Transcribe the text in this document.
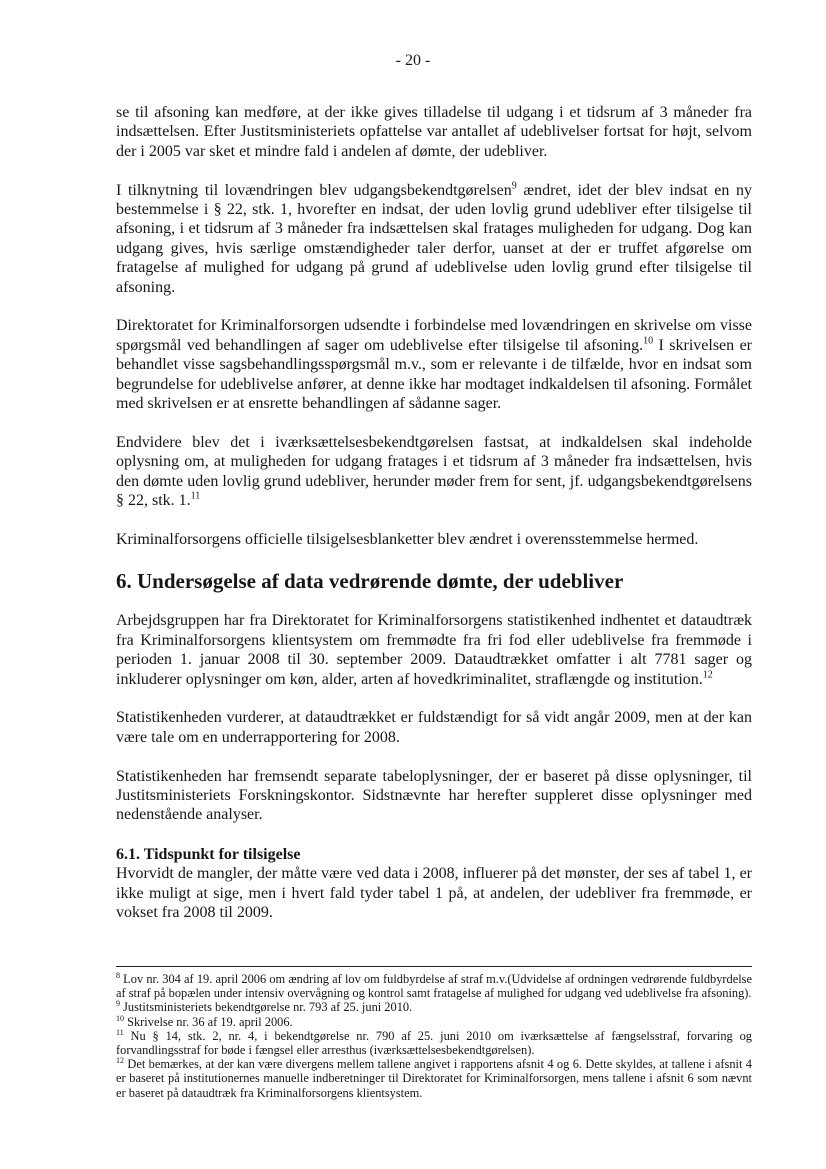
- 20 -

se til afsoning kan medføre, at der ikke gives tilladelse til udgang i et tidsrum af 3 måneder fra indsættelsen. Efter Justitsministeriets opfattelse var antallet af udeblivelser fortsat for højt, selvom der i 2005 var sket et mindre fald i andelen af dømte, der udebliver.

I tilknytning til lovændringen blev udgangsbekendtgørelsen$^9$ ændret, idet der blev indsat en ny bestemmelse i § 22, stk. 1, hvorefter en indsat, der uden lovlig grund udebliver efter tilsigelse til afsoning, i et tidsrum af 3 måneder fra indsættelsen skal fratages muligheden for udgang. Dog kan udgang gives, hvis særlige omstændigheder taler derfor, uanset at der er truffet afgørelse om fratagelse af mulighed for udgang på grund af udeblivelse uden lovlig grund efter tilsigelse til afsoning.

Direktoratet for Kriminalforsorgen udsendte i forbindelse med lovændringen en skrivelse om visse spørgsmål ved behandlingen af sager om udeblivelse efter tilsigelse til afsoning.$^{10}$ I skrivelsen er behandlet visse sagsbehandlingsspørgsmål m.v., som er relevante i de tilfælde, hvor en indsat som begrundelse for udeblivelse anfører, at denne ikke har modtaget indkaldelsen til afsoning. Formålet med skrivelsen er at ensrette behandlingen af sådanne sager.

Endvidere blev det i iværksættelsesbekendtgørelsen fastsat, at indkaldelsen skal indeholde oplysning om, at muligheden for udgang fratages i et tidsrum af 3 måneder fra indsættelsen, hvis den dømte uden lovlig grund udebliver, herunder møder frem for sent, jf. udgangsbekendtgørelsens § 22, stk. 1.11

Kriminalforsorgens officielle tilsigelsesblanketter blev ændret i overensstemmelse hermed.

6. Undersøgelse af data vedrørende dømte, der udebliver

Arbejdsgruppen har fra Direktoratet for Kriminalforsorgens statistikenhed indhentet et dataudtræk fra Kriminalforsorgens klientsystem om fremmødte fra fri fod eller udeblivelse fra fremmøde i perioden 1. januar 2008 til 30. september 2009. Dataudtrækket omfatter i alt 7781 sager og inkluderer oplysninger om køn, alder, arten af hovedkriminalitet, straflængde og institution.$^{12}$

Statistikenheden vurderer, at dataudtrækket er fuldstændigt for så vidt angår 2009, men at der kan være tale om en underrapportering for 2008.

Statistikenheden har fremsendt separate tabeloplysninger, der er baseret på disse oplysninger, til Justitsministeriets Forskningskontor. Sidstnævnte har herefter suppleret disse oplysninger med nedenstående analyser.

6.1. Tidspunkt for tilsigelse

Hvorvidt de mangler, der måtte være ved data i 2008, influerer på det mønster, der ses af tabel 1, er ikke muligt at sige, men i hvert fald tyder tabel 1 på, at andelen, der udebliver fra fremmøde, er vokset fra 2008 til 2009.

$^8$ Lov nr. 304 af 19. april 2006 om ændring af lov om fuldbyrdelse af straf m.v.(Udvidelse af ordningen vedrørende fuldbyrdelse af straf på bopælen under intensiv overvågning og kontrol samt fratagelse af mulighed for udgang ved udeblivelse fra afsoning).

$^9$ Justitsministeriets bekendtgørelse nr. 793 af 25. juni 2010.

$^{10}$ Skrivelse nr. 36 af 19. april 2006.

$^{11}$ Nu § 14, stk. 2, nr. 4, i bekendtgørelse nr. 790 af 25. juni 2010 om iværksættelse af fængselsstraf, forvaring og forvandlingsstraf for bøde i fængsel eller arresthus (iværksættelsesbekendtgørelsen).

$^{12}$ Det bemærkes, at der kan være divergens mellem tallene angivet i rapportens afsnit 4 og 6. Dette skyldes, at tallene i afsnit 4 er baseret på institutionernes manuelle indberetninger til Direktoratet for Kriminalforsorgen, mens tallene i afsnit 6 som nævnt er baseret på dataudtræk fra Kriminalforsorgens klientsystem.
